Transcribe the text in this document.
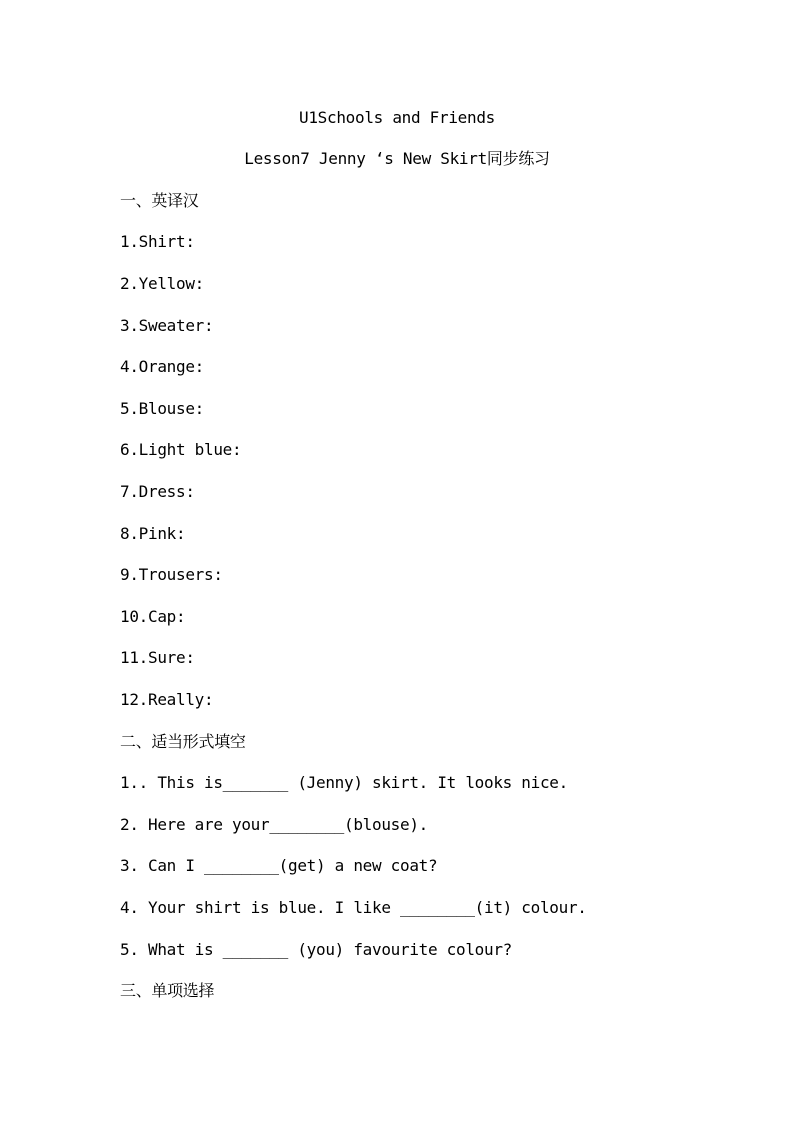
U1Schools and Friends
Lesson7 Jenny ‘s New Skirt同步练习
一、英译汉
1.Shirt:
2.Yellow:
3.Sweater:
4.Orange:
5.Blouse:
6.Light blue:
7.Dress:
8.Pink:
9.Trousers:
10.Cap:
11.Sure:
12.Really:
二、适当形式填空
1.. This is_______ (Jenny) skirt. It looks nice.
2. Here are your________(blouse).
3. Can I ________(get) a new coat?
4. Your shirt is blue. I like ________(it) colour.
5. What is _______ (you) favourite colour?
三、单项选择
